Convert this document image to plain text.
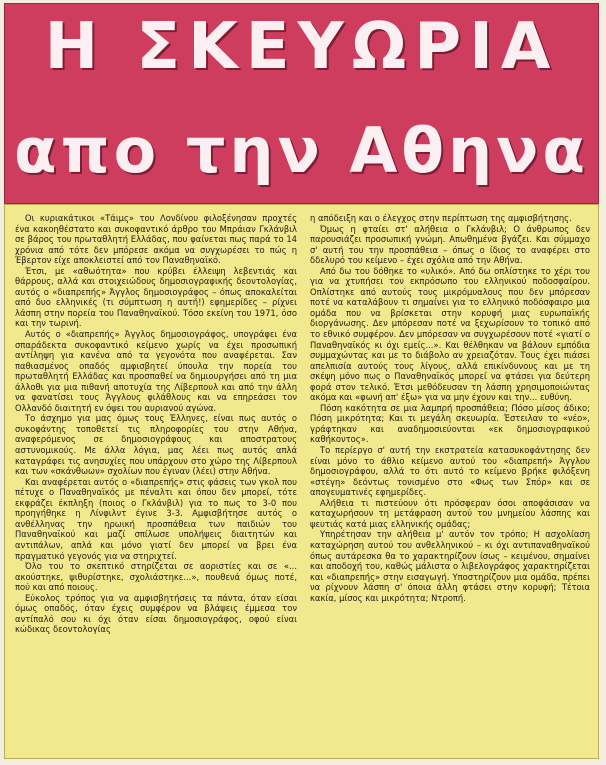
Η ΣΚΕΥΩΡΙΑ
απο την Αθηνα

Οι κυριακάτικοι «Τάιμς» του Λονδίνου φιλοξένησαν προχτές ένα κακοηθέστατο και συκοφαντικό άρθρο του Μπράιαν Γκλάνβιλ σε βάρος του πρωταθλητή Ελλάδας, που φαίνεται πως παρά το 14 χρόνια από τότε δεν μπόρεσε ακόμα να συγχωρέσει το πώς η Έβερτον είχε αποκλειστεί από τον Παναθηναϊκό.

Έτσι, με «αθωότητα» που κρύβει έλλειψη λεβεντιάς και θάρρους, αλλά και στοιχειώδους δημοσιογραφικής δεοντολογίας, αυτός ο «διαπρεπής» Άγγλος δημοσιογράφος – όπως αποκαλείται από δυο ελληνικές (τι σύμπτωση η αυτή!) εφημερίδες – ρίχνει λάσπη στην πορεία του Παναθηναϊκού. Τόσο εκείνη του 1971, όσο και την τωρινή.

Αυτός ο «διαπρεπής» Άγγλος δημοσιογράφος, υπογράφει ένα σπαράδεκτα συκοφαντικό κείμενο χωρίς να έχει προσωπική αντίληψη για κανένα από τα γεγονότα που αναφέρεται. Σαν παθιασμένος οπαδός αμφισβητεί ύπουλα την πορεία του πρωταθλητή Ελλάδας και προσπαθεί να δημιουργήσει από τη μια άλλοθι για μια πιθανή αποτυχία της Λίβερπουλ και από την άλλη να φανατίσει τους Άγγλους φιλάθλους και να επηρεάσει τον Ολλανδό διαιτητή εν όψει του αυριανού αγώνα.

Το άσχημο για μας όμως τους Έλληνες, είναι πως αυτός ο συκοφάντης τοποθετεί τις πληροφορίες του στην Αθήνα, αναφερόμενος σε δημοσιογράφους και αποστρατους αστυνομικούς. Με άλλα λόγια, μας λέει πως αυτός απλά καταγράφει τις ανησυχίες που υπάρχουν στο χώρο της Λίβερπουλ και των «σκάνθωων» σχολίων που έγιναν (λέει) στην Αθήνα.

Και αναφέρεται αυτός ο «διαπρεπής» στις φάσεις των γκολ που πέτυχε ο Παναθηναϊκός με πέναλτι και όπου δεν μπορεί, τότε εκφράζει έκπληξη (ποιος ο Γκλάνβιλ) για το πως το 3-0 που προηγήθηκε η Λίνφιλντ έγινε 3-3. Αμφισβήτησε αυτός ο ανθέλληνας την ηρωική προσπάθεια των παιδιών του Παναθηναϊκού και μαζί σπίλωσε υπολήψεις διαιτητών και αντιπάλων, απλά και μόνο γιατί δεν μπορεί να βρει ένα πραγματικό γεγονός για να στηριχτεί.

Όλο του το σκεπτικό στηρίζεται σε αοριστίες και σε «... ακούστηκε, ψιθυρίστηκε, σχολιάστηκε...», πουθενά όμως ποτέ, πού και από ποιους.

Εύκολος τρόπος για να αμφισβητήσεις τα πάντα, όταν είσαι όμως οπαδός, όταν έχεις συμφέρον να βλάψεις έμμεσα τον αντίπαλό σου κι όχι όταν είσαι δημοσιογράφος, οφού είναι κώδικας δεοντολογίας

η απόδειξη και ο έλεγχος στην περίπτωση της αμφισβήτησης.

Όμως η φταίει στ' αλήθεια ο Γκλάνβιλ; Ο άνθρωπος δεν παρουσιάζει προσωπική γνώμη. Απωθημένα βγάζει. Και σύμμαχο σ' αυτή του την προσπάθεια – όπως ο ίδιος το αναφέρει στο δδελυρό του κείμενο – έχει σχόλια από την Αθήνα.

Από δω του δόθηκε το «υλικό». Από δω οπλίστηκε το χέρι του για να χτυπήσει τον εκπρόσωπο του ελληνικού ποδοσφαίρου. Οπλίστηκε από αυτούς τους μικρόμυαλους που δεν μπόρεσαν ποτέ να καταλάβουν τι σημαίνει για το ελληνικό ποδόσφαιρο μια ομάδα που να βρίσκεται στην κορυφή μιας ευρωπαϊκής διοργάνωσης. Δεν μπόρεσαν ποτέ να ξεχωρίσουν το τοπικό από το εθνικό συμφέρον. Δεν μπόρεσαν να συγχωρέσουν ποτέ «γιατί ο Παναθηναϊκός κι όχι εμείς...». Και θέλθηκαν να βάλουν εμπόδια συμμαχώντας και με το διάβολο αν χρειαζόταν. Τους έχει πιάσει απελπισία αυτούς τους λίγους, αλλά επικίνδυνους και με τη σκέψη μόνο πως ο Παναθηναϊκός μπορεί να φτάσει για δεύτερη φορά στον τελικό. Έτσι μεθόδευσαν τη λάσπη χρησιμοποιώντας ακόμα και «φωνή απ' έξω» για να μην έχουν και την... ευθύνη.

Πόση κακότητα σε μια λαμπρή προσπάθεια; Πόσο μίσος άδικο; Πόση μικρότητα; Και τι μεγάλη σκευωρία. Έστειλαν το «νέο», γράφτηκαν και αναδημοσιεύονται «εκ δημοσιογραφικού καθήκοντος».

Το περίεργο σ' αυτή την εκστρατεία κατασυκοφάντησης δεν είναι μόνο το άθλιο κείμενο αυτού του «διαπρεπή» Άγγλου δημοσιογράφου, αλλά το ότι αυτό το κείμενο βρήκε φιλόξενη «στέγη» δεόντως τονισμένο στο «Φως των Σπόρ» και σε απογευματινές εφημερίδες.

Αλήθεια τι πιστεύουν ότι πρόσφεραν όσοι αποφάσισαν να καταχωρήσουν τη μετάφραση αυτού του μνημείου λάσπης και ψευτιάς κατά μιας ελληνικής ομάδας;

Υπηρέτησαν την αλήθεια μ' αυτόν τον τρόπο; Η ασχολίαση καταχώρηση αυτού του ανθελληνικού – κι όχι αντιπαναθηναϊκού όπως αυτάρεσκα θα το χαρακτηρίζουν ίσως – κειμένου, σημαίνει και αποδοχή του, καθώς μάλιστα ο λιβελογράφος χαρακτηρίζεται και «διαπρεπής» στην εισαγωγή. Υποστηρίζουν μια ομάδα, πρέπει να ρίχνουν λάσπη σ' όποια άλλη φτάσει στην κορυφή; Τέτοια κακία, μίσος και μικρότητα; Ντροπή.
